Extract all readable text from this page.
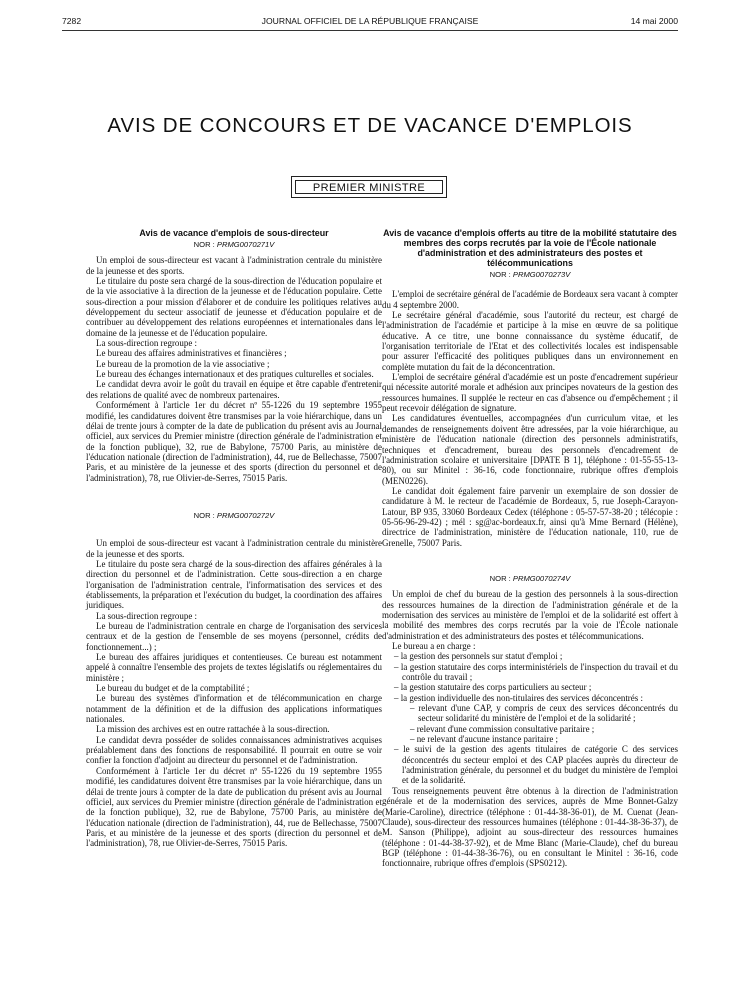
7282	JOURNAL OFFICIEL DE LA RÉPUBLIQUE FRANÇAISE	14 mai 2000
AVIS DE CONCOURS ET DE VACANCE D'EMPLOIS
PREMIER MINISTRE
Avis de vacance d'emplois de sous-directeur
NOR : PRMG0070271V

Un emploi de sous-directeur est vacant à l'administration centrale du ministère de la jeunesse et des sports.

Le titulaire du poste sera chargé de la sous-direction de l'éducation populaire et de la vie associative à la direction de la jeunesse et de l'éducation populaire. Cette sous-direction a pour mission d'élaborer et de conduire les politiques relatives au développement du secteur associatif de jeunesse et d'éducation populaire et de contribuer au développement des relations européennes et internationales dans le domaine de la jeunesse et de l'éducation populaire.

La sous-direction regroupe :

Le bureau des affaires administratives et financières ;

Le bureau de la promotion de la vie associative ;

Le bureau des échanges internationaux et des pratiques culturelles et sociales.

Le candidat devra avoir le goût du travail en équipe et être capable d'entretenir des relations de qualité avec de nombreux partenaires.

Conformément à l'article 1er du décret nº 55-1226 du 19 septembre 1955 modifié, les candidatures doivent être transmises par la voie hiérarchique, dans un délai de trente jours à compter de la date de publication du présent avis au Journal officiel, aux services du Premier ministre (direction générale de l'administration et de la fonction publique), 32, rue de Babylone, 75700 Paris, au ministère de l'éducation nationale (direction de l'administration), 44, rue de Bellechasse, 75007 Paris, et au ministère de la jeunesse et des sports (direction du personnel et de l'administration), 78, rue Olivier-de-Serres, 75015 Paris.

NOR : PRMG0070272V

Un emploi de sous-directeur est vacant à l'administration centrale du ministère de la jeunesse et des sports.

Le titulaire du poste sera chargé de la sous-direction des affaires générales à la direction du personnel et de l'administration. Cette sous-direction a en charge l'organisation de l'administration centrale, l'informatisation des services et des établissements, la préparation et l'exécution du budget, la coordination des affaires juridiques.

La sous-direction regroupe :

Le bureau de l'administration centrale en charge de l'organisation des services centraux et de la gestion de l'ensemble de ses moyens (personnel, crédits de fonctionnement...) ;

Le bureau des affaires juridiques et contentieuses. Ce bureau est notamment appelé à connaître l'ensemble des projets de textes législatifs ou réglementaires du ministère ;

Le bureau du budget et de la comptabilité ;

Le bureau des systèmes d'information et de télécommunication en charge notamment de la définition et de la diffusion des applications informatiques nationales.

La mission des archives est en outre rattachée à la sous-direction.

Le candidat devra posséder de solides connaissances administratives acquises préalablement dans des fonctions de responsabilité. Il pourrait en outre se voir confier la fonction d'adjoint au directeur du personnel et de l'administration.

Conformément à l'article 1er du décret nº 55-1226 du 19 septembre 1955 modifié, les candidatures doivent être transmises par la voie hiérarchique, dans un délai de trente jours à compter de la date de publication du présent avis au Journal officiel, aux services du Premier ministre (direction générale de l'administration et de la fonction publique), 32, rue de Babylone, 75700 Paris, au ministère de l'éducation nationale (direction de l'administration), 44, rue de Bellechasse, 75007 Paris, et au ministère de la jeunesse et des sports (direction du personnel et de l'administration), 78, rue Olivier-de-Serres, 75015 Paris.

Avis de vacance d'emplois offerts au titre de la mobilité statutaire des membres des corps recrutés par la voie de l'École nationale d'administration et des administrateurs des postes et télécommunications
NOR : PRMG0070273V

L'emploi de secrétaire général de l'académie de Bordeaux sera vacant à compter du 4 septembre 2000.

Le secrétaire général d'académie, sous l'autorité du recteur, est chargé de l'administration de l'académie et participe à la mise en œuvre de sa politique éducative. A ce titre, une bonne connaissance du système éducatif, de l'organisation territoriale de l'Etat et des collectivités locales est indispensable pour assurer l'efficacité des politiques publiques dans un environnement en complète mutation du fait de la déconcentration.

L'emploi de secrétaire général d'académie est un poste d'encadrement supérieur qui nécessite autorité morale et adhésion aux principes novateurs de la gestion des ressources humaines. Il supplée le recteur en cas d'absence ou d'empêchement ; il peut recevoir délégation de signature.

Les candidatures éventuelles, accompagnées d'un curriculum vitae, et les demandes de renseignements doivent être adressées, par la voie hiérarchique, au ministère de l'éducation nationale (direction des personnels administratifs, techniques et d'encadrement, bureau des personnels d'encadrement de l'administration scolaire et universitaire [DPATE B 1], téléphone : 01-55-55-13-80), ou sur Minitel : 36-16, code fonctionnaire, rubrique offres d'emplois (MEN0226).

Le candidat doit également faire parvenir un exemplaire de son dossier de candidature à M. le recteur de l'académie de Bordeaux, 5, rue Joseph-Carayon-Latour, BP 935, 33060 Bordeaux Cedex (téléphone : 05-57-57-38-20 ; télécopie : 05-56-96-29-42) ; mél : sg@ac-bordeaux.fr, ainsi qu'à Mme Bernard (Hélène), directrice de l'administration, ministère de l'éducation nationale, 110, rue de Grenelle, 75007 Paris.

NOR : PRMG0070274V

Un emploi de chef du bureau de la gestion des personnels à la sous-direction des ressources humaines de la direction de l'administration générale et de la modernisation des services au ministère de l'emploi et de la solidarité est offert à la mobilité des membres des corps recrutés par la voie de l'École nationale d'administration et des administrateurs des postes et télécommunications.

Le bureau a en charge :

– la gestion des personnels sur statut d'emploi ;
– la gestion statutaire des corps interministériels de l'inspection du travail et du contrôle du travail ;
– la gestion statutaire des corps particuliers au secteur ;
– la gestion individuelle des non-titulaires des services déconcentrés :
– relevant d'une CAP, y compris de ceux des services déconcentrés du secteur solidarité du ministère de l'emploi et de la solidarité ;
– relevant d'une commission consultative paritaire ;
– ne relevant d'aucune instance paritaire ;
– le suivi de la gestion des agents titulaires de catégorie C des services déconcentrés du secteur emploi et des CAP placées auprès du directeur de l'administration générale, du personnel et du budget du ministère de l'emploi et de la solidarité.

Tous renseignements peuvent être obtenus à la direction de l'administration générale et de la modernisation des services, auprès de Mme Bonnet-Galzy (Marie-Caroline), directrice (téléphone : 01-44-38-36-01), de M. Cuenat (Jean-Claude), sous-directeur des ressources humaines (téléphone : 01-44-38-36-37), de M. Sanson (Philippe), adjoint au sous-directeur des ressources humaines (téléphone : 01-44-38-37-92), et de Mme Blanc (Marie-Claude), chef du bureau BGP (téléphone : 01-44-38-36-76), ou en consultant le Minitel : 36-16, code fonctionnaire, rubrique offres d'emplois (SPS0212).
